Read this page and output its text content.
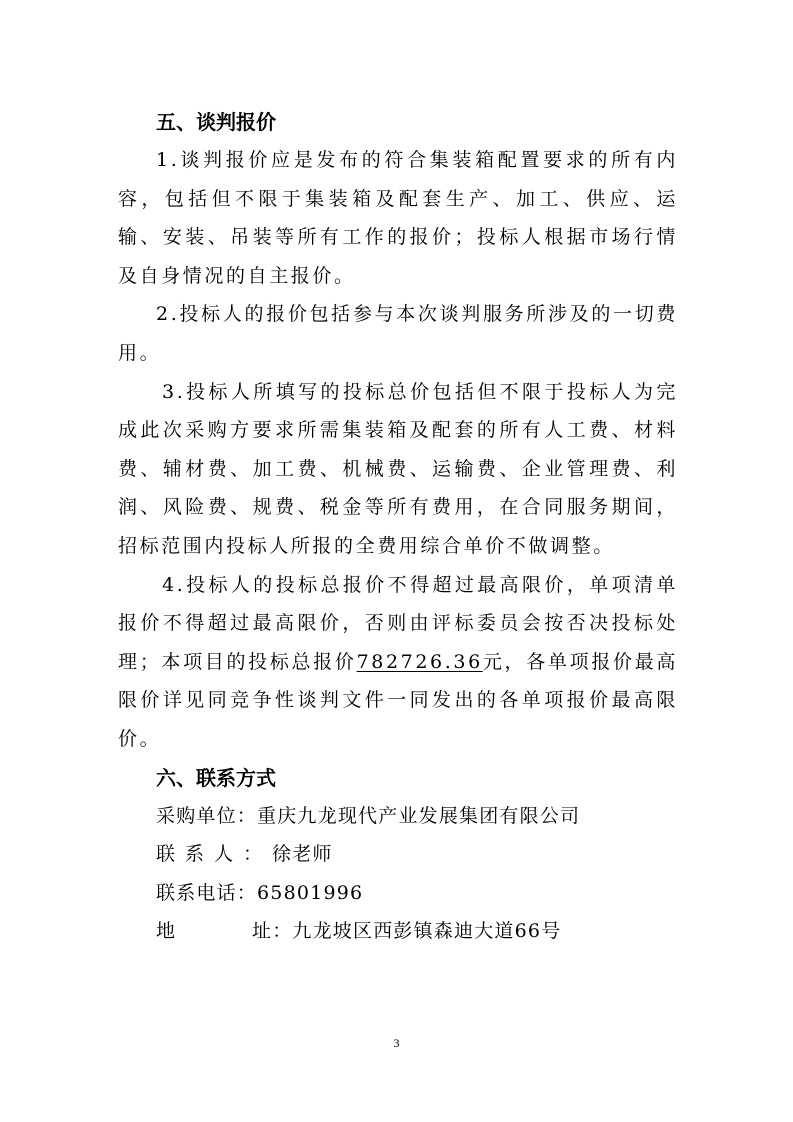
五、谈判报价

1.谈判报价应是发布的符合集装箱配置要求的所有内容，包括但不限于集装箱及配套生产、加工、供应、运输、安装、吊装等所有工作的报价；投标人根据市场行情及自身情况的自主报价。

2.投标人的报价包括参与本次谈判服务所涉及的一切费用。

3.投标人所填写的投标总价包括但不限于投标人为完成此次采购方要求所需集装箱及配套的所有人工费、材料费、辅材费、加工费、机械费、运输费、企业管理费、利润、风险费、规费、税金等所有费用，在合同服务期间，招标范围内投标人所报的全费用综合单价不做调整。

4.投标人的投标总报价不得超过最高限价，单项清单报价不得超过最高限价，否则由评标委员会按否决投标处理；本项目的投标总报价782726.36元，各单项报价最高限价详见同竞争性谈判文件一同发出的各单项报价最高限价。

六、联系方式
采购单位：重庆九龙现代产业发展集团有限公司
联系人：徐老师
联系电话：65801996
地	址：九龙坡区西彭镇森迪大道66号
3
